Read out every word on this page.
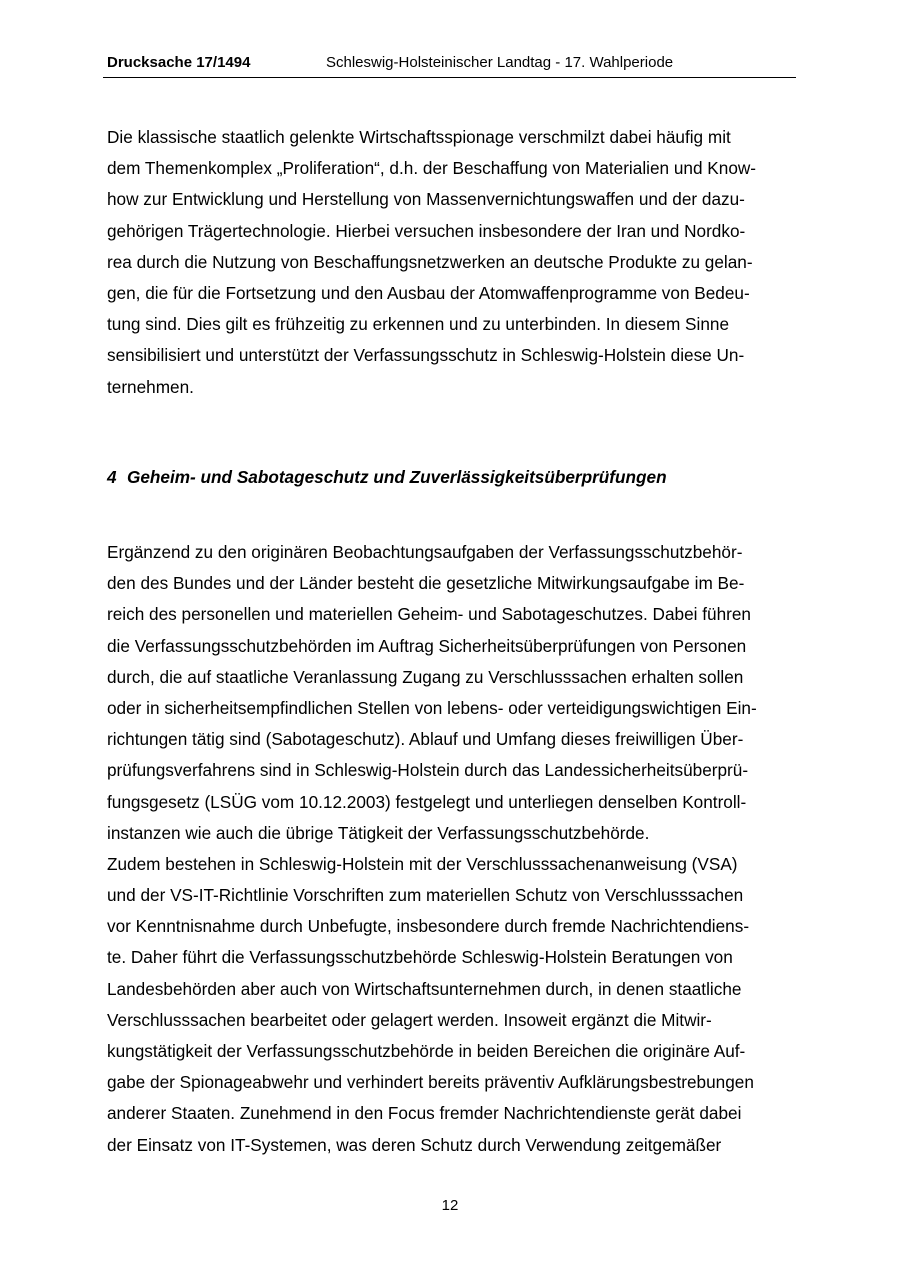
Drucksache 17/1494	Schleswig-Holsteinischer Landtag - 17. Wahlperiode
Die klassische staatlich gelenkte Wirtschaftsspionage verschmilzt dabei häufig mit
dem Themenkomplex „Proliferation“, d.h. der Beschaffung von Materialien und Know-
how zur Entwicklung und Herstellung von Massenvernichtungswaffen und der dazu-
gehörigen Trägertechnologie. Hierbei versuchen insbesondere der Iran und Nordko-
rea durch die Nutzung von Beschaffungsnetzwerken an deutsche Produkte zu gelan-
gen, die für die Fortsetzung und den Ausbau der Atomwaffenprogramme von Bedeu-
tung sind. Dies gilt es frühzeitig zu erkennen und zu unterbinden. In diesem Sinne
sensibilisiert und unterstützt der Verfassungsschutz in Schleswig-Holstein diese Un-
ternehmen.
4 Geheim- und Sabotageschutz und Zuverlässigkeitsüberprüfungen
Ergänzend zu den originären Beobachtungsaufgaben der Verfassungsschutzbehör-
den des Bundes und der Länder besteht die gesetzliche Mitwirkungsaufgabe im Be-
reich des personellen und materiellen Geheim- und Sabotageschutzes. Dabei führen
die Verfassungsschutzbehörden im Auftrag Sicherheitsüberprüfungen von Personen
durch, die auf staatliche Veranlassung Zugang zu Verschlusssachen erhalten sollen
oder in sicherheitsempfindlichen Stellen von lebens- oder verteidigungswichtigen Ein-
richtungen tätig sind (Sabotageschutz). Ablauf und Umfang dieses freiwilligen Über-
prüfungsverfahrens sind in Schleswig-Holstein durch das Landessicherheitsüberprü-
fungsgesetz (LSÜG vom 10.12.2003) festgelegt und unterliegen denselben Kontroll-
instanzen wie auch die übrige Tätigkeit der Verfassungsschutzbehörde.
Zudem bestehen in Schleswig-Holstein mit der Verschlusssachenanweisung (VSA)
und der VS-IT-Richtlinie Vorschriften zum materiellen Schutz von Verschlusssachen
vor Kenntnisnahme durch Unbefugte, insbesondere durch fremde Nachrichtendiens-
te. Daher führt die Verfassungsschutzbehörde Schleswig-Holstein Beratungen von
Landesbehörden aber auch von Wirtschaftsunternehmen durch, in denen staatliche
Verschlusssachen bearbeitet oder gelagert werden. Insoweit ergänzt die Mitwir-
kungstätigkeit der Verfassungsschutzbehörde in beiden Bereichen die originäre Auf-
gabe der Spionageabwehr und verhindert bereits präventiv Aufklärungsbestrebungen
anderer Staaten. Zunehmend in den Focus fremder Nachrichtendienste gerät dabei
der Einsatz von IT-Systemen, was deren Schutz durch Verwendung zeitgemäßer
12
